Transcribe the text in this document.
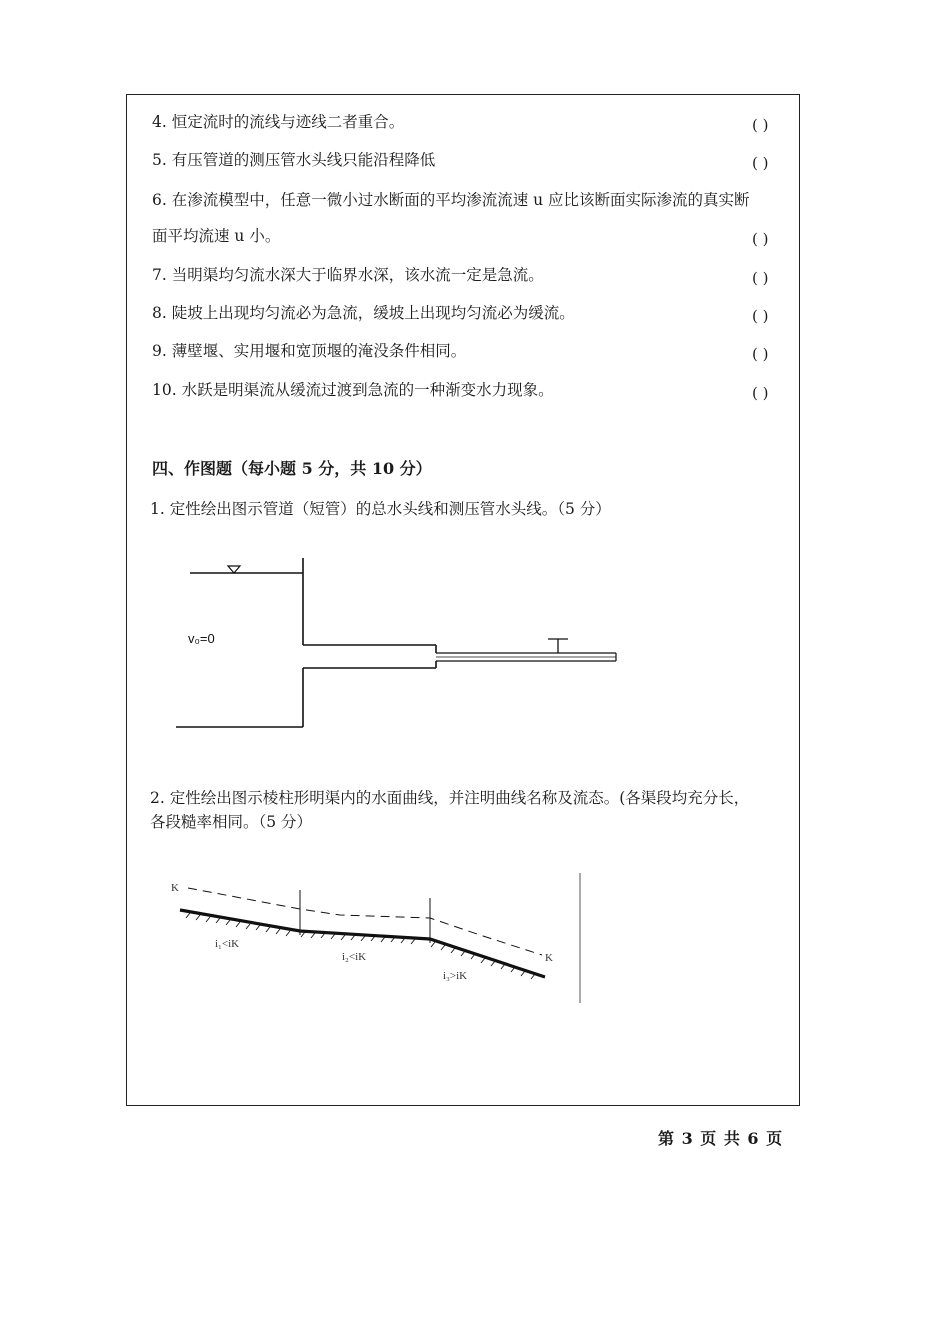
4. 恒定流时的流线与迹线二者重合。	( )
5. 有压管道的测压管水头线只能沿程降低	( )
6. 在渗流模型中，任意一微小过水断面的平均渗流流速 u 应比该断面实际渗流的真实断
面平均流速 u 小。	( )
7. 当明渠均匀流水深大于临界水深，该水流一定是急流。	( )
8. 陡坡上出现均匀流必为急流，缓坡上出现均匀流必为缓流。	( )
9. 薄壁堰、实用堰和宽顶堰的淹没条件相同。	( )
10. 水跃是明渠流从缓流过渡到急流的一种渐变水力现象。	( )
四、作图题（每小题 5 分，共 10 分）
1. 定性绘出图示管道（短管）的总水头线和测压管水头线。（5 分）
v₀=0
2. 定性绘出图示棱柱形明渠内的水面曲线，并注明曲线名称及流态。(各渠段均充分长，
各段糙率相同。（5 分）
K
K
i₁<iK
i₂<iK
i₃>iK
第 3 页 共 6 页
